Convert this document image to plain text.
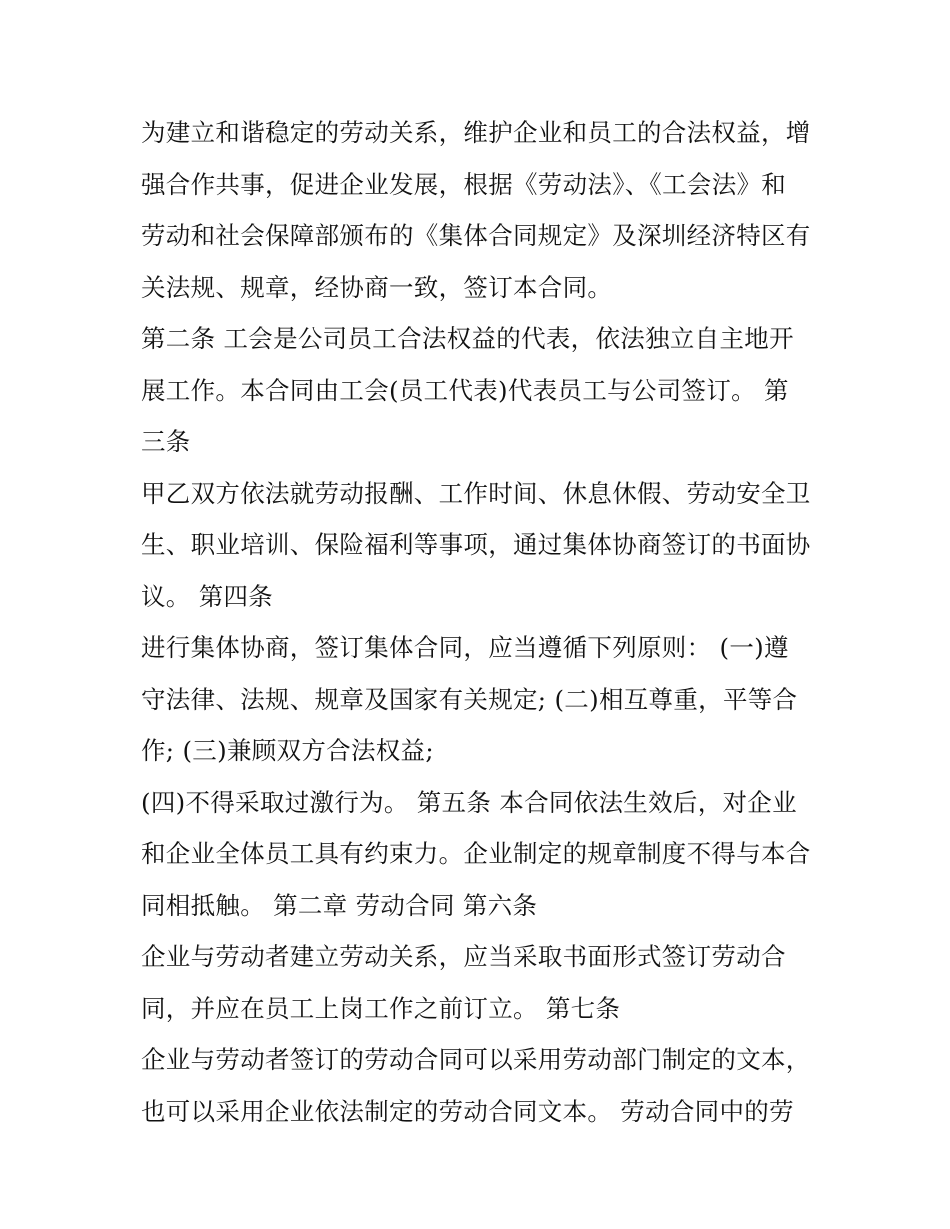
为建立和谐稳定的劳动关系，维护企业和员工的合法权益，增
强合作共事，促进企业发展，根据《劳动法》、《工会法》和
劳动和社会保障部颁布的《集体合同规定》及深圳经济特区有
关法规、规章，经协商一致，签订本合同。
第二条 工会是公司员工合法权益的代表，依法独立自主地开
展工作。本合同由工会(员工代表)代表员工与公司签订。 第
三条
甲乙双方依法就劳动报酬、工作时间、休息休假、劳动安全卫
生、职业培训、保险福利等事项，通过集体协商签订的书面协
议。 第四条
进行集体协商，签订集体合同，应当遵循下列原则： (一)遵
守法律、法规、规章及国家有关规定; (二)相互尊重，平等合
作; (三)兼顾双方合法权益;
(四)不得采取过激行为。 第五条 本合同依法生效后，对企业
和企业全体员工具有约束力。企业制定的规章制度不得与本合
同相抵触。 第二章 劳动合同 第六条
企业与劳动者建立劳动关系，应当采取书面形式签订劳动合
同，并应在员工上岗工作之前订立。 第七条
企业与劳动者签订的劳动合同可以采用劳动部门制定的文本，
也可以采用企业依法制定的劳动合同文本。 劳动合同中的劳
